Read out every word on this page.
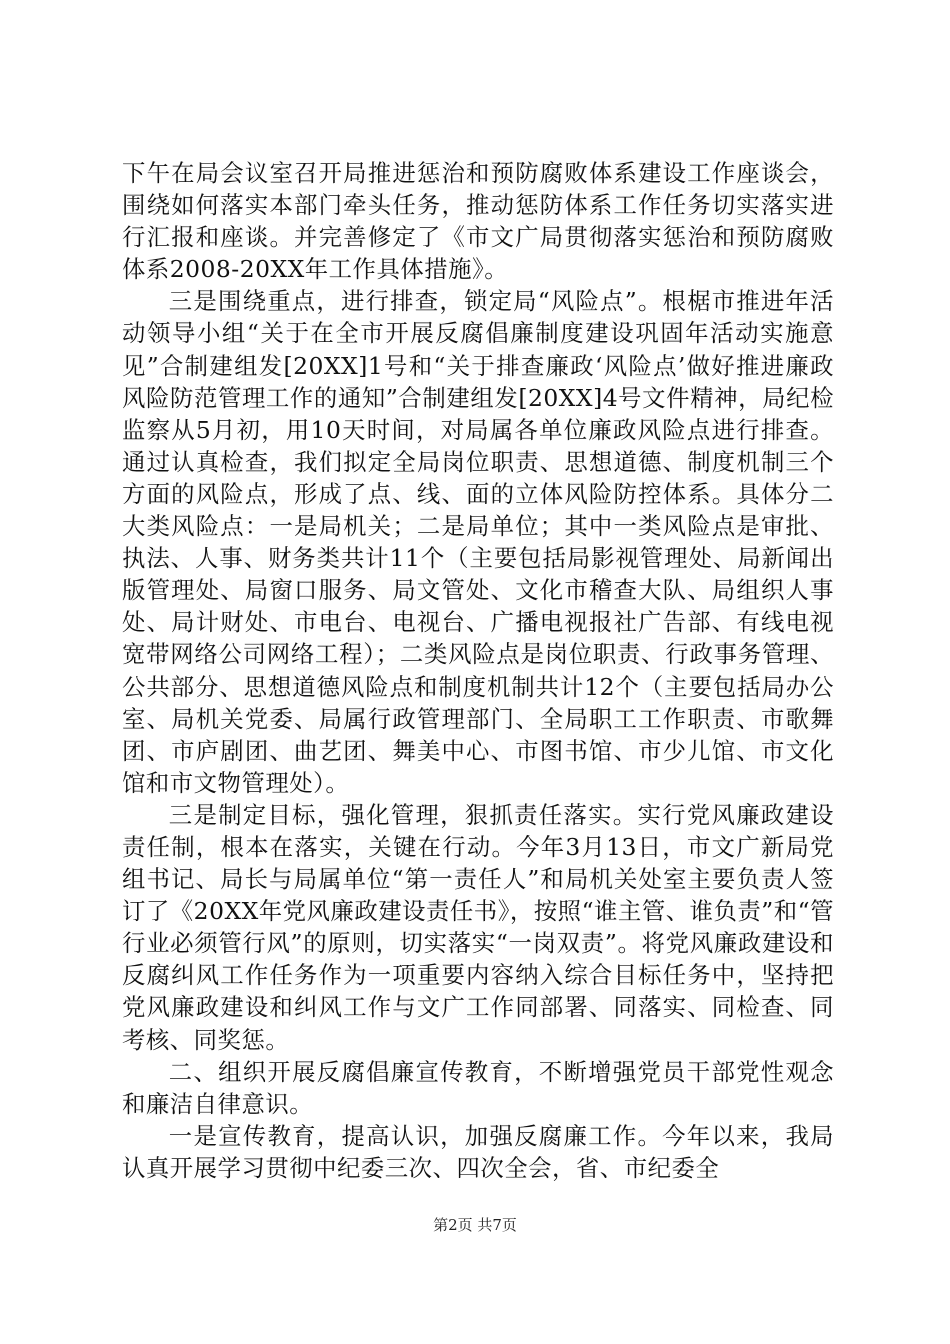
下午在局会议室召开局推进惩治和预防腐败体系建设工作座谈会，围绕如何落实本部门牵头任务，推动惩防体系工作任务切实落实进行汇报和座谈。并完善修定了《市文广局贯彻落实惩治和预防腐败体系2008-20XX年工作具体措施》。

三是围绕重点，进行排查，锁定局“风险点”。根椐市推进年活动领导小组“关于在全市开展反腐倡廉制度建设巩固年活动实施意见”合制建组发[20XX]1号和“关于排查廉政‘风险点’做好推进廉政风险防范管理工作的通知”合制建组发[20XX]4号文件精神，局纪检监察从5月初，用10天时间，对局属各单位廉政风险点进行排查。通过认真检查，我们拟定全局岗位职责、思想道德、制度机制三个方面的风险点，形成了点、线、面的立体风险防控体系。具体分二大类风险点：一是局机关；二是局单位；其中一类风险点是审批、执法、人事、财务类共计11个（主要包括局影视管理处、局新闻出版管理处、局窗口服务、局文管处、文化市稽查大队、局组织人事处、局计财处、市电台、电视台、广播电视报社广告部、有线电视宽带网络公司网络工程）；二类风险点是岗位职责、行政事务管理、公共部分、思想道德风险点和制度机制共计12个（主要包括局办公室、局机关党委、局属行政管理部门、全局职工工作职责、市歌舞团、市庐剧团、曲艺团、舞美中心、市图书馆、市少儿馆、市文化馆和市文物管理处）。

三是制定目标，强化管理，狠抓责任落实。实行党风廉政建设责任制，根本在落实，关键在行动。今年3月13日，市文广新局党组书记、局长与局属单位“第一责任人”和局机关处室主要负责人签订了《20XX年党风廉政建设责任书》，按照“谁主管、谁负责”和“管行业必须管行风”的原则，切实落实“一岗双责”。将党风廉政建设和反腐纠风工作任务作为一项重要内容纳入综合目标任务中，坚持把党风廉政建设和纠风工作与文广工作同部署、同落实、同检查、同考核、同奖惩。

二、组织开展反腐倡廉宣传教育，不断增强党员干部党性观念和廉洁自律意识。

一是宣传教育，提高认识，加强反腐廉工作。今年以来，我局认真开展学习贯彻中纪委三次、四次全会，省、市纪委全

第2页 共7页
